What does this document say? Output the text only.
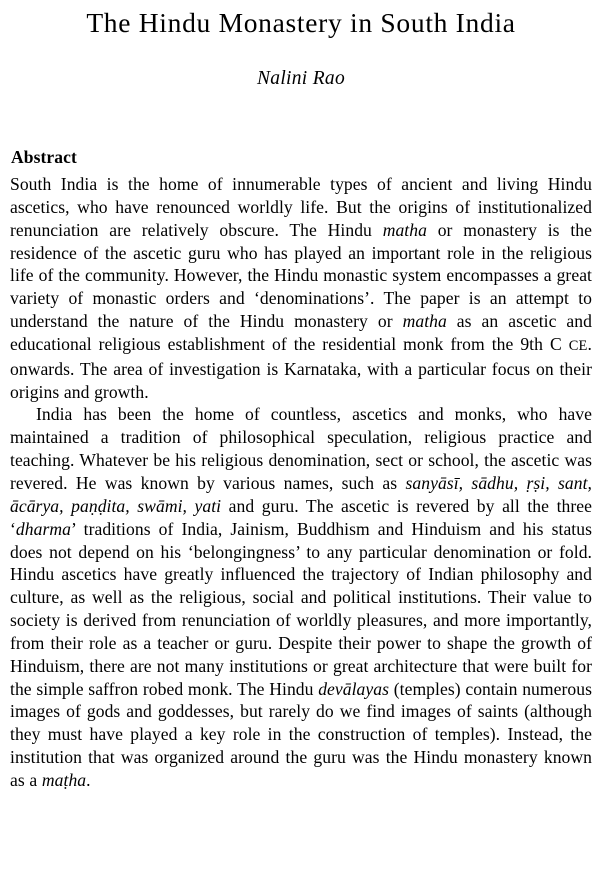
The Hindu Monastery in South India

Nalini Rao

Abstract

South India is the home of innumerable types of ancient and living Hindu ascetics, who have renounced worldly life. But the origins of institutionalized renunciation are relatively obscure. The Hindu matha or monastery is the residence of the ascetic guru who has played an important role in the religious life of the community. However, the Hindu monastic system encompasses a great variety of monastic orders and ‘denominations’. The paper is an attempt to understand the nature of the Hindu monastery or matha as an ascetic and educational religious establishment of the residential monk from the 9th C CE. onwards. The area of investigation is Karnataka, with a particular focus on their origins and growth.

India has been the home of countless, ascetics and monks, who have maintained a tradition of philosophical speculation, religious practice and teaching. Whatever be his religious denomination, sect or school, the ascetic was revered. He was known by various names, such as sanyāsī, sādhu, ṛṣi, sant, ācārya, paṇḍita, swāmi, yati and guru. The ascetic is revered by all the three ‘dharma’ traditions of India, Jainism, Buddhism and Hinduism and his status does not depend on his ‘belongingness’ to any particular denomination or fold. Hindu ascetics have greatly influenced the trajectory of Indian philosophy and culture, as well as the religious, social and political institutions. Their value to society is derived from renunciation of worldly pleasures, and more importantly, from their role as a teacher or guru. Despite their power to shape the growth of Hinduism, there are not many institutions or great architecture that were built for the simple saffron robed monk. The Hindu devālayas (temples) contain numerous images of gods and goddesses, but rarely do we find images of saints (although they must have played a key role in the construction of temples). Instead, the institution that was organized around the guru was the Hindu monastery known as a maṭha.
